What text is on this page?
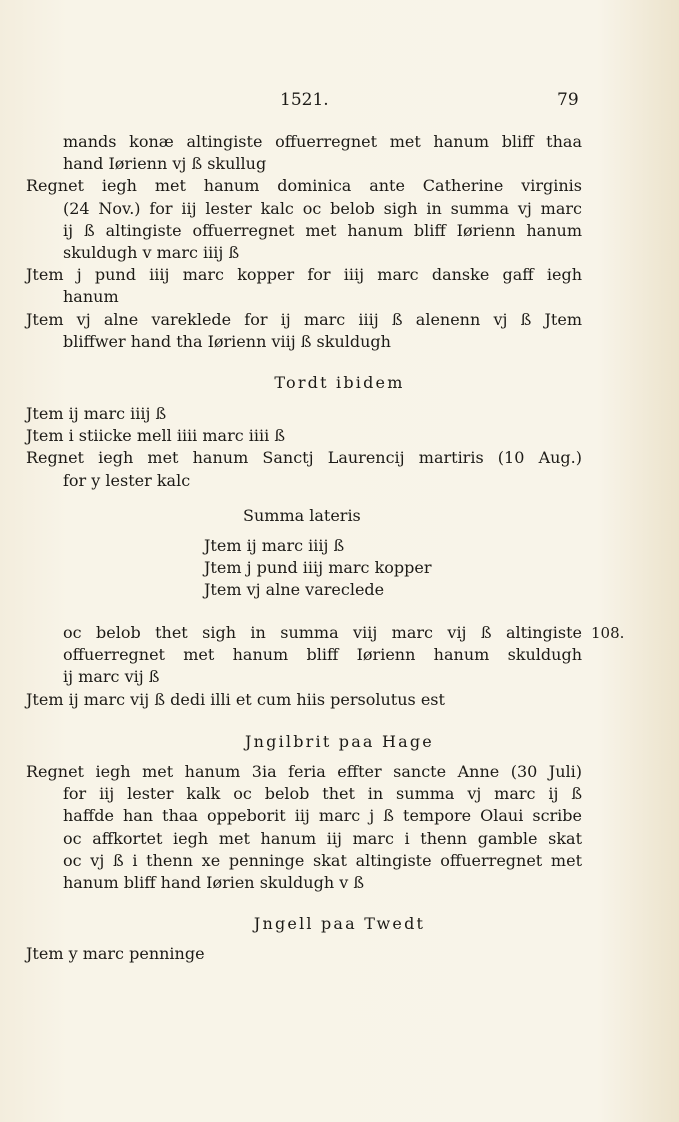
1521.	79
mands konæ altingiste offuerregnet met hanum bliff thaa
hand Iørienn vj ß skullug
Regnet iegh met hanum dominica ante Catherine virginis
(24 Nov.) for iij lester kalc oc belob sigh in summa vj marc
ij ß altingiste offuerregnet met hanum bliff Iørienn hanum
skuldugh v marc iiij ß
Jtem j pund iiij marc kopper for iiij marc danske gaff iegh
hanum
Jtem vj alne vareklede for ij marc iiij ß alenenn vj ß Jtem
bliffwer hand tha Iørienn viij ß skuldugh
Tordt ibidem
Jtem ij marc iiij ß
Jtem i stiicke mell iiii marc iiii ß
Regnet iegh met hanum Sanctj Laurencij martiris (10 Aug.)
for y lester kalc
Summa lateris
Jtem ij marc iiij ß
Jtem j pund iiij marc kopper
Jtem vj alne vareclede
oc belob thet sigh in summa viij marc vij ß altingiste
offuerregnet met hanum bliff Iørienn hanum skuldugh
ij marc vij ß
Jtem ij marc vij ß dedi illi et cum hiis persolutus est
108.
Jngilbrit paa Hage
Regnet iegh met hanum 3ia feria effter sancte Anne (30 Juli)
for iij lester kalk oc belob thet in summa vj marc ij ß
haffde han thaa oppeborit iij marc j ß tempore Olaui scribe
oc affkortet iegh met hanum iij marc i thenn gamble skat
oc vj ß i thenn xe penninge skat altingiste offuerregnet met
hanum bliff hand Iørien skuldugh v ß
Jngell paa Twedt
Jtem y marc penninge
